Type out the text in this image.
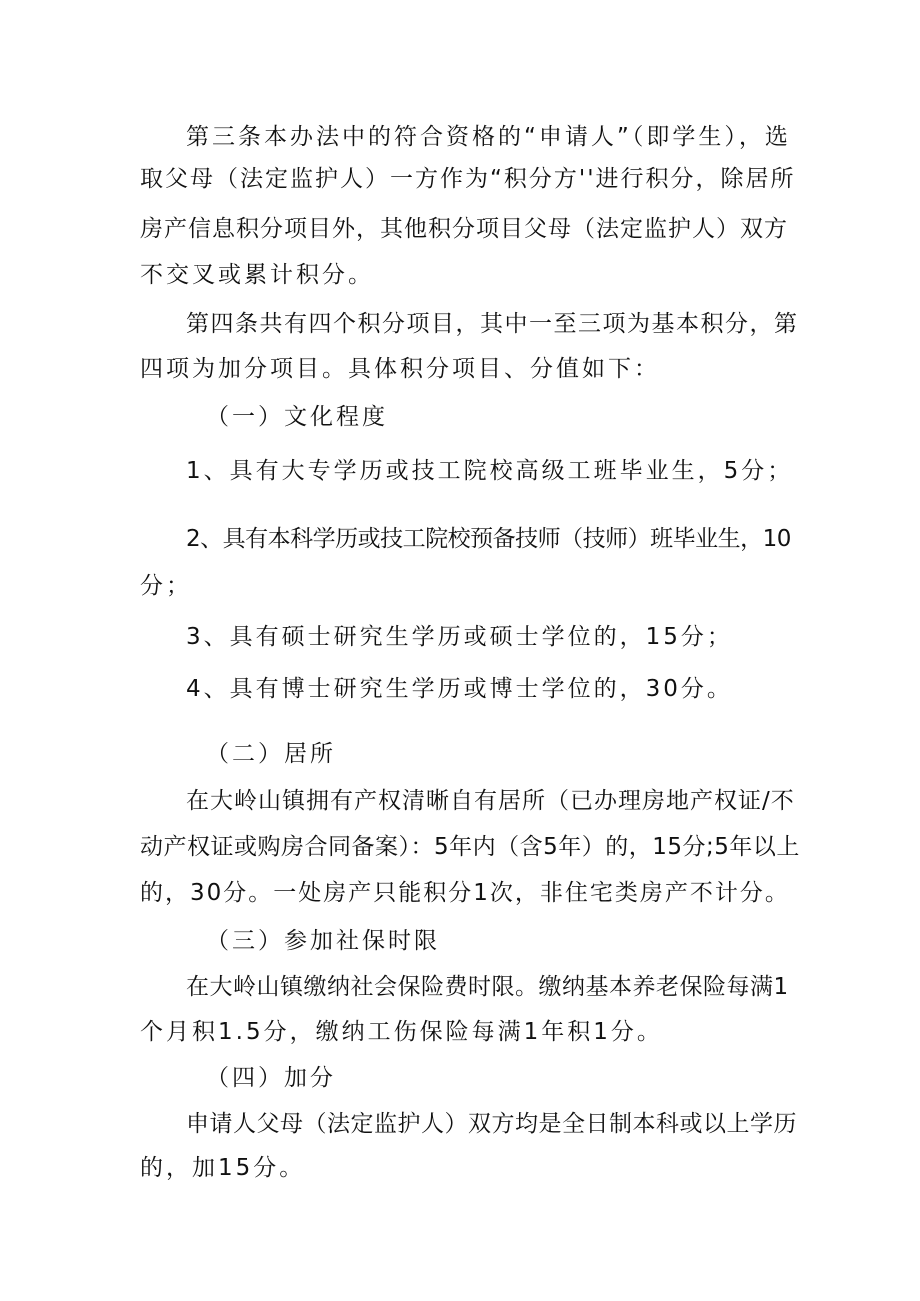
第三条本办法中的符合资格的“申请人”（即学生），选

取父母（法定监护人）一方作为“积分方''进行积分，除居所

房产信息积分项目外，其他积分项目父母（法定监护人）双方

不交叉或累计积分。

第四条共有四个积分项目，其中一至三项为基本积分，第

四项为加分项目。具体积分项目、分值如下：

（一）文化程度

1、具有大专学历或技工院校高级工班毕业生，5分；

2、具有本科学历或技工院校预备技师（技师）班毕业生，10

分；

3、具有硕士研究生学历或硕士学位的，15分；

4、具有博士研究生学历或博士学位的，30分。

（二）居所

在大岭山镇拥有产权清晰自有居所（已办理房地产权证/不

动产权证或购房合同备案）：5年内（含5年）的，15分;5年以上

的，30分。一处房产只能积分1次，非住宅类房产不计分。

（三）参加社保时限

在大岭山镇缴纳社会保险费时限。缴纳基本养老保险每满1

个月积1.5分，缴纳工伤保险每满1年积1分。

（四）加分

申请人父母（法定监护人）双方均是全日制本科或以上学历

的，加15分。
